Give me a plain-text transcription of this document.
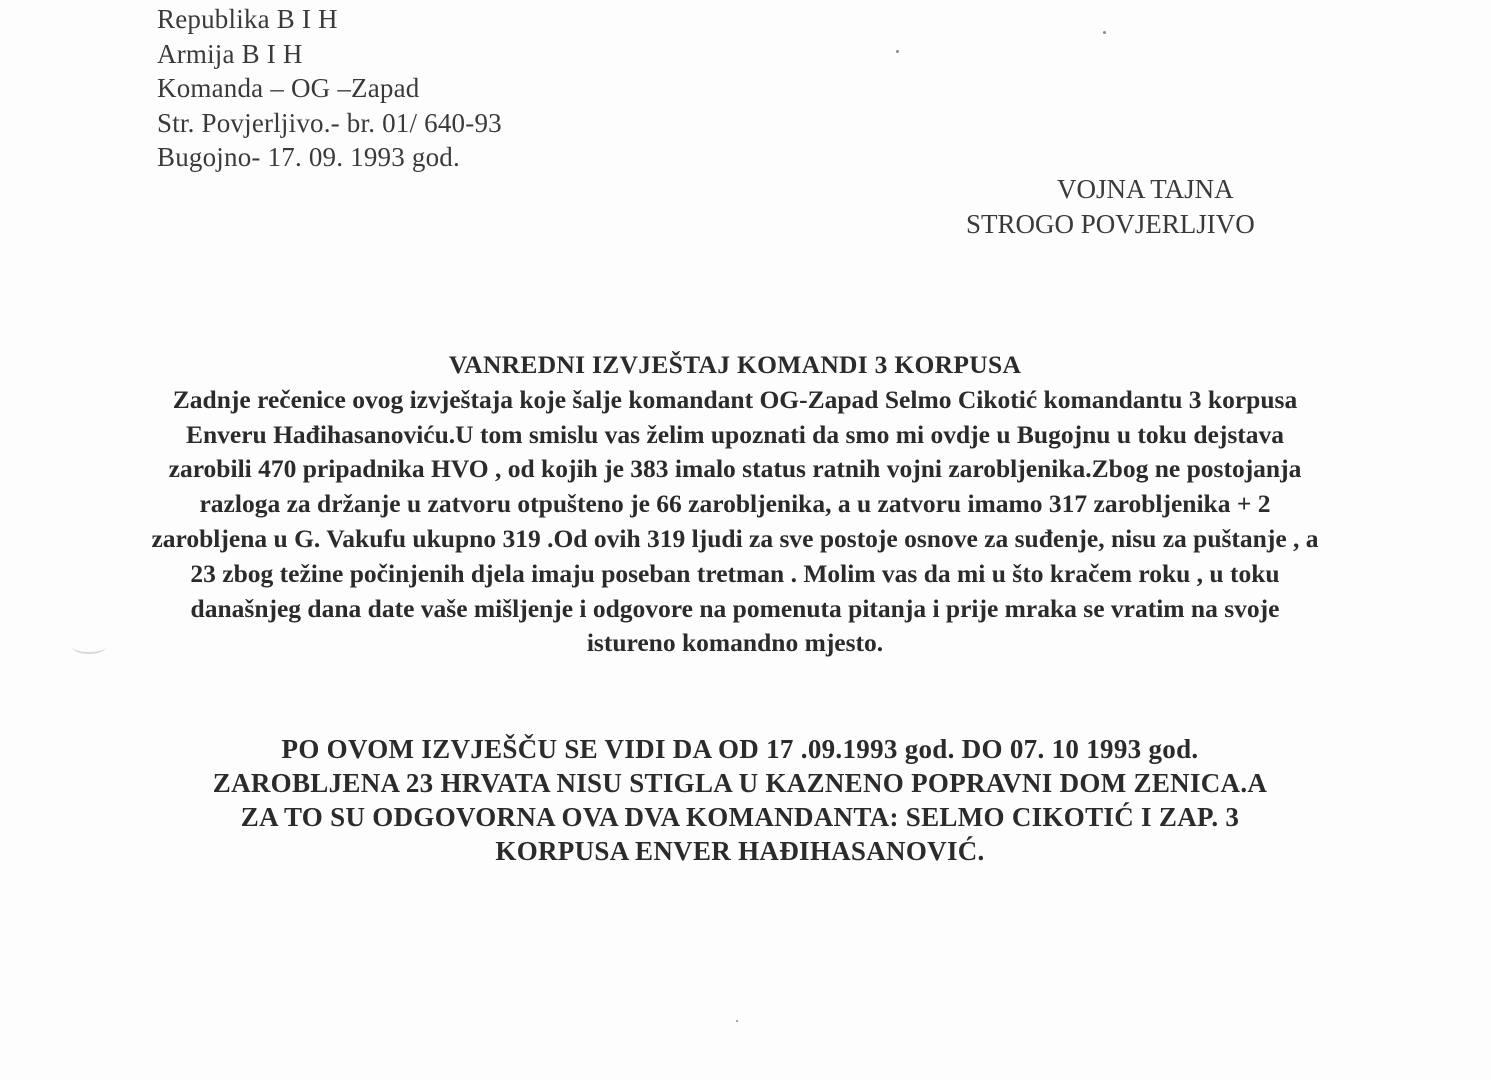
Republika B I H
Armija B I H
Komanda – OG –Zapad
Str. Povjerljivo.- br. 01/ 640-93
Bugojno- 17. 09. 1993 god.
VOJNA TAJNA
STROGO POVJERLJIVO
VANREDNI IZVJEŠTAJ KOMANDI 3 KORPUSA
Zadnje rečenice ovog izvještaja koje šalje komandant OG-Zapad Selmo Cikotić komandantu 3 korpusa Enveru Hađihasanoviću.U tom smislu vas želim upoznati da smo mi ovdje u Bugojnu u toku dejstava zarobili 470 pripadnika HVO , od kojih je 383 imalo status ratnih vojni zarobljenika.Zbog ne postojanja razloga za držanje u zatvoru otpušteno je 66 zarobljenika, a u zatvoru imamo 317 zarobljenika + 2 zarobljena u G. Vakufu ukupno 319 .Od ovih 319 ljudi za sve postoje osnove za suđenje, nisu za puštanje , a 23 zbog težine počinjenih djela imaju poseban tretman . Molim vas da mi u što kračem roku , u toku današnjeg dana date vaše mišljenje i odgovore na pomenuta pitanja i prije mraka se vratim na svoje istureno komandno mjesto.
PO OVOM IZVJEŠČU SE VIDI DA OD 17 .09.1993 god. DO 07. 10 1993 god. ZAROBLJENA 23 HRVATA NISU STIGLA U KAZNENO POPRAVNI DOM ZENICA.A ZA TO SU ODGOVORNA OVA DVA KOMANDANTA: SELMO CIKOTIĆ I ZAP. 3 KORPUSA ENVER HAĐIHASANOVIĆ.
